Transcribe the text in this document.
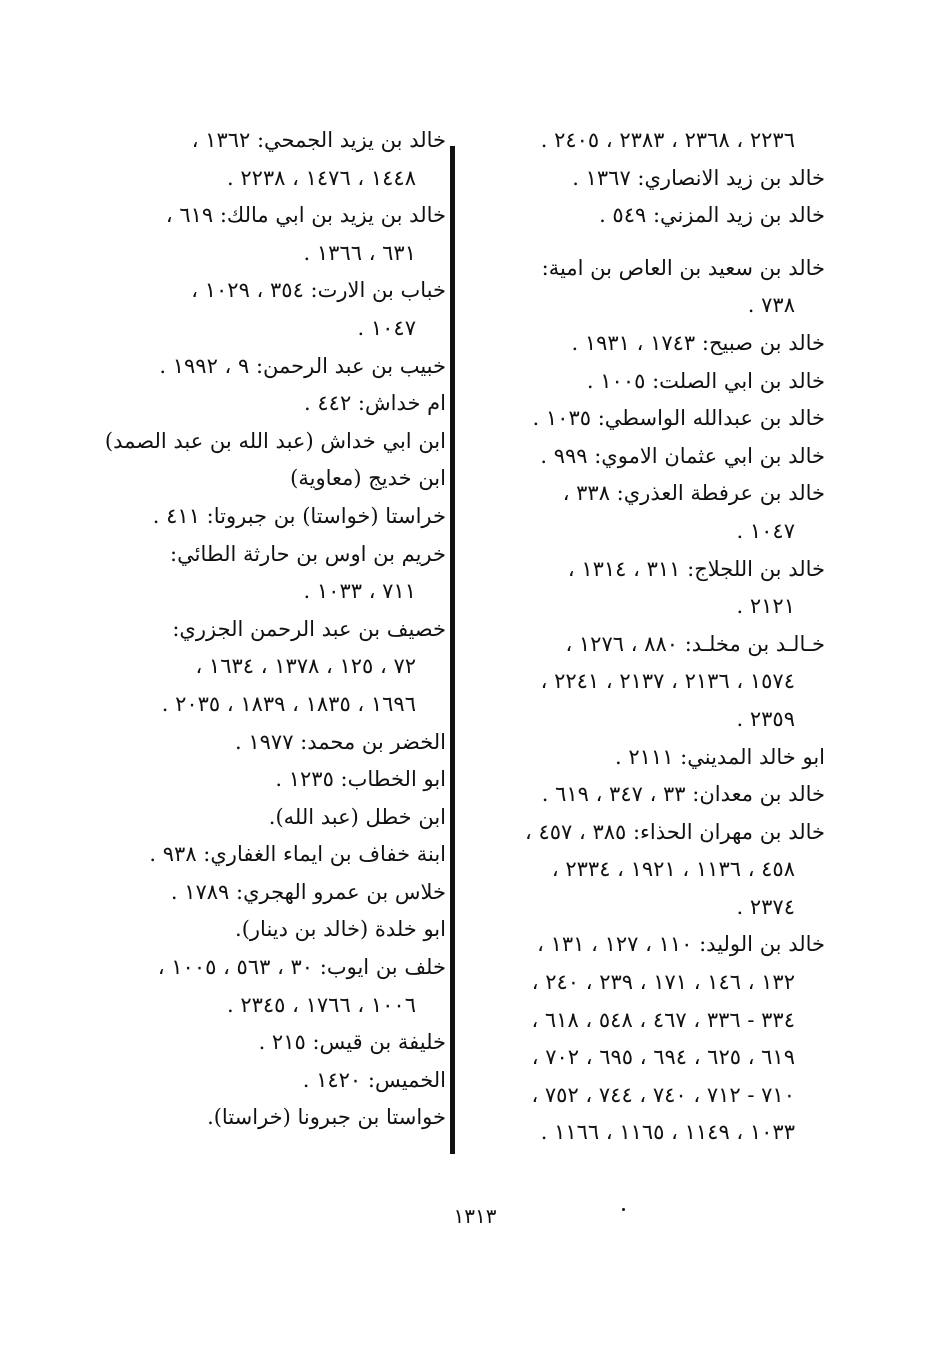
٢٢٣٦ ، ٢٣٦٨ ، ٢٣٨٣ ، ٢٤٠٥ .
خالد بن زيد الانصاري: ١٣٦٧ .
خالد بن زيد المزني: ٥٤٩ .
خالد بن سعيد بن العاص بن امية:
٧٣٨ .
خالد بن صبيح: ١٧٤٣ ، ١٩٣١ .
خالد بن ابي الصلت: ١٠٠٥ .
خالد بن عبدالله الواسطي: ١٠٣٥ .
خالد بن ابي عثمان الاموي: ٩٩٩ .
خالد بن عرفطة العذري: ٣٣٨ ،
١٠٤٧ .
خالد بن اللجلاج: ٣١١ ، ١٣١٤ ،
٢١٢١ .
خـالـد بن مخلـد: ٨٨٠ ، ١٢٧٦ ،
١٥٧٤ ، ٢١٣٦ ، ٢١٣٧ ، ٢٢٤١ ،
٢٣٥٩ .
ابو خالد المديني: ٢١١١ .
خالد بن معدان: ٣٣ ، ٣٤٧ ، ٦١٩ .
خالد بن مهران الحذاء: ٣٨٥ ، ٤٥٧ ،
٤٥٨ ، ١١٣٦ ، ١٩٢١ ، ٢٣٣٤ ،
٢٣٧٤ .
خالد بن الوليد: ١١٠ ، ١٢٧ ، ١٣١ ،
١٣٢ ، ١٤٦ ، ١٧١ ، ٢٣٩ ، ٢٤٠ ،
٣٣٤ - ٣٣٦ ، ٤٦٧ ، ٥٤٨ ، ٦١٨ ،
٦١٩ ، ٦٢٥ ، ٦٩٤ ، ٦٩٥ ، ٧٠٢ ،
٧١٠ - ٧١٢ ، ٧٤٠ ، ٧٤٤ ، ٧٥٢ ،
١٠٣٣ ، ١١٤٩ ، ١١٦٥ ، ١١٦٦ .
خالد بن يزيد الجمحي: ١٣٦٢ ،
١٤٤٨ ، ١٤٧٦ ، ٢٢٣٨ .
خالد بن يزيد بن ابي مالك: ٦١٩ ،
٦٣١ ، ١٣٦٦ .
خباب بن الارت: ٣٥٤ ، ١٠٢٩ ،
١٠٤٧ .
خبيب بن عبد الرحمن: ٩ ، ١٩٩٢ .
ام خداش: ٤٤٢ .
ابن ابي خداش (عبد الله بن عبد الصمد)
ابن خديج (معاوية)
خراستا (خواستا) بن جبروتا: ٤١١ .
خريم بن اوس بن حارثة الطائي:
٧١١ ، ١٠٣٣ .
خصيف بن عبد الرحمن الجزري:
٧٢ ، ١٢٥ ، ١٣٧٨ ، ١٦٣٤ ،
١٦٩٦ ، ١٨٣٥ ، ١٨٣٩ ، ٢٠٣٥ .
الخضر بن محمد: ١٩٧٧ .
ابو الخطاب: ١٢٣٥ .
ابن خطل (عبد الله).
ابنة خفاف بن ايماء الغفاري: ٩٣٨ .
خلاس بن عمرو الهجري: ١٧٨٩ .
ابو خلدة (خالد بن دينار).
خلف بن ايوب: ٣٠ ، ٥٦٣ ، ١٠٠٥ ،
١٠٠٦ ، ١٧٦٦ ، ٢٣٤٥ .
خليفة بن قيس: ٢١٥ .
الخميس: ١٤٢٠ .
خواستا بن جبرونا (خراستا).
١٣١٣
